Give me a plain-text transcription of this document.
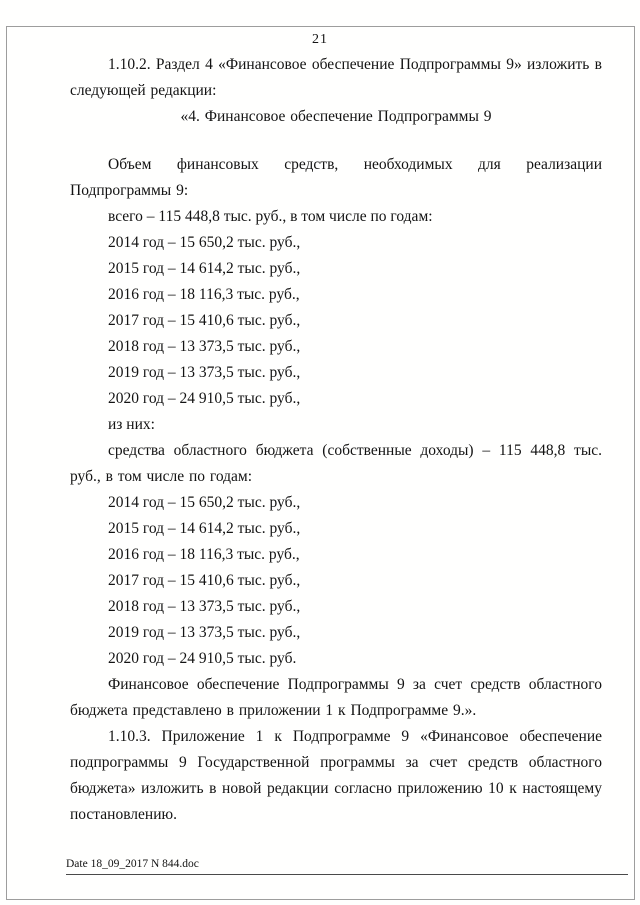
21

1.10.2. Раздел 4 «Финансовое обеспечение Подпрограммы 9» изложить в следующей редакции:

«4. Финансовое обеспечение Подпрограммы 9

Объем финансовых средств, необходимых для реализации Подпрограммы 9:

всего – 115 448,8 тыс. руб., в том числе по годам:
2014 год – 15 650,2 тыс. руб.,
2015 год – 14 614,2 тыс. руб.,
2016 год – 18 116,3 тыс. руб.,
2017 год – 15 410,6 тыс. руб.,
2018 год – 13 373,5 тыс. руб.,
2019 год – 13 373,5 тыс. руб.,
2020 год – 24 910,5 тыс. руб.,
из них:

средства областного бюджета (собственные доходы) – 115 448,8 тыс. руб., в том числе по годам:

2014 год – 15 650,2 тыс. руб.,
2015 год – 14 614,2 тыс. руб.,
2016 год – 18 116,3 тыс. руб.,
2017 год – 15 410,6 тыс. руб.,
2018 год – 13 373,5 тыс. руб.,
2019 год – 13 373,5 тыс. руб.,
2020 год – 24 910,5 тыс. руб.

Финансовое обеспечение Подпрограммы 9 за счет средств областного бюджета представлено в приложении 1 к Подпрограмме 9.».

1.10.3. Приложение 1 к Подпрограмме 9 «Финансовое обеспечение подпрограммы 9 Государственной программы за счет средств областного бюджета» изложить в новой редакции согласно приложению 10 к настоящему постановлению.

Date 18_09_2017 N 844.doc
